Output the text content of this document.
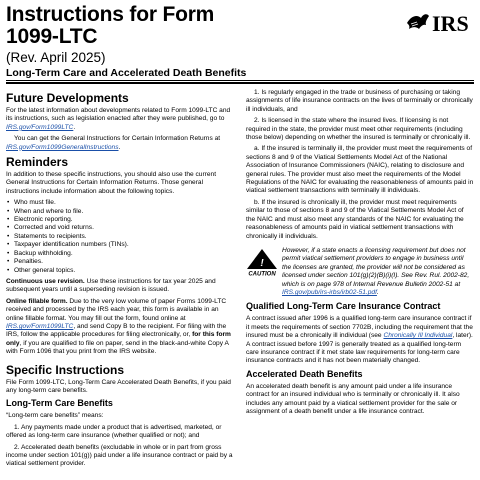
Instructions for Form
1099-LTC
IRS
(Rev. April 2025)
Long-Term Care and Accelerated Death Benefits
Future Developments

For the latest information about developments related to Form 1099-LTC and its instructions, such as legislation enacted after they were published, go to IRS.gov/Form1099LTC.

You can get the General Instructions for Certain Information Returns at IRS.gov/Form1099GeneralInstructions.

Reminders

In addition to these specific instructions, you should also use the current General Instructions for Certain Information Returns. Those general instructions include information about the following topics.

• Who must file.
• When and where to file.
• Electronic reporting.
• Corrected and void returns.
• Statements to recipients.
• Taxpayer identification numbers (TINs).
• Backup withholding.
• Penalties.
• Other general topics.

Continuous use revision. Use these instructions for tax year 2025 and subsequent years until a superseding revision is issued.

Online fillable form. Due to the very low volume of paper Forms 1099-LTC received and processed by the IRS each year, this form is available in an online fillable format. You may fill out the form, found online at IRS.gov/Form1099LTC, and send Copy B to the recipient. For filing with the IRS, follow the applicable procedures for filing electronically, or, for this form only, if you are qualified to file on paper, send in the black-and-white Copy A with Form 1096 that you print from the IRS website.

Specific Instructions

File Form 1099-LTC, Long-Term Care Accelerated Death Benefits, if you paid any long-term care benefits.

Long-Term Care Benefits

“Long-term care benefits” means:

1. Any payments made under a product that is advertised, marketed, or offered as long-term care insurance (whether qualified or not); and

2. Accelerated death benefits (excludable in whole or in part from gross income under section 101(g)) paid under a life insurance contract or paid by a viatical settlement provider.

1. Is regularly engaged in the trade or business of purchasing or taking assignments of life insurance contracts on the lives of terminally or chronically ill individuals, and

2. Is licensed in the state where the insured lives. If licensing is not required in the state, the provider must meet other requirements (including those below) depending on whether the insured is terminally or chronically ill.

a. If the insured is terminally ill, the provider must meet the requirements of sections 8 and 9 of the Viatical Settlements Model Act of the National Association of Insurance Commissioners (NAIC), relating to disclosure and general rules. The provider must also meet the requirements of the Model Regulations of the NAIC for evaluating the reasonableness of amounts paid in viatical settlement transactions with terminally ill individuals.

b. If the insured is chronically ill, the provider must meet requirements similar to those of sections 8 and 9 of the Viatical Settlements Model Act of the NAIC and must also meet any standards of the NAIC for evaluating the reasonableness of amounts paid in viatical settlement transactions with chronically ill individuals.

!
CAUTION
However, if a state enacts a licensing requirement but does not permit viatical settlement providers to engage in business until the licenses are granted, the provider will not be considered as licensed under section 101(g)(2)(B)(i)(I). See Rev. Rul. 2002-82, which is on page 978 of Internal Revenue Bulletin 2002-51 at IRS.gov/pub/irs-irbs/irb02-51.pdf.
Qualified Long-Term Care Insurance Contract

A contract issued after 1996 is a qualified long-term care insurance contract if it meets the requirements of section 7702B, including the requirement that the insured must be a chronically ill individual (see Chronically Ill Individual, later). A contract issued before 1997 is generally treated as a qualified long-term care insurance contract if it met state law requirements for long-term care insurance contracts and it has not been materially changed.

Accelerated Death Benefits

An accelerated death benefit is any amount paid under a life insurance contract for an insured individual who is terminally or chronically ill. It also includes any amount paid by a viatical settlement provider for the sale or assignment of a death benefit under a life insurance contract.
